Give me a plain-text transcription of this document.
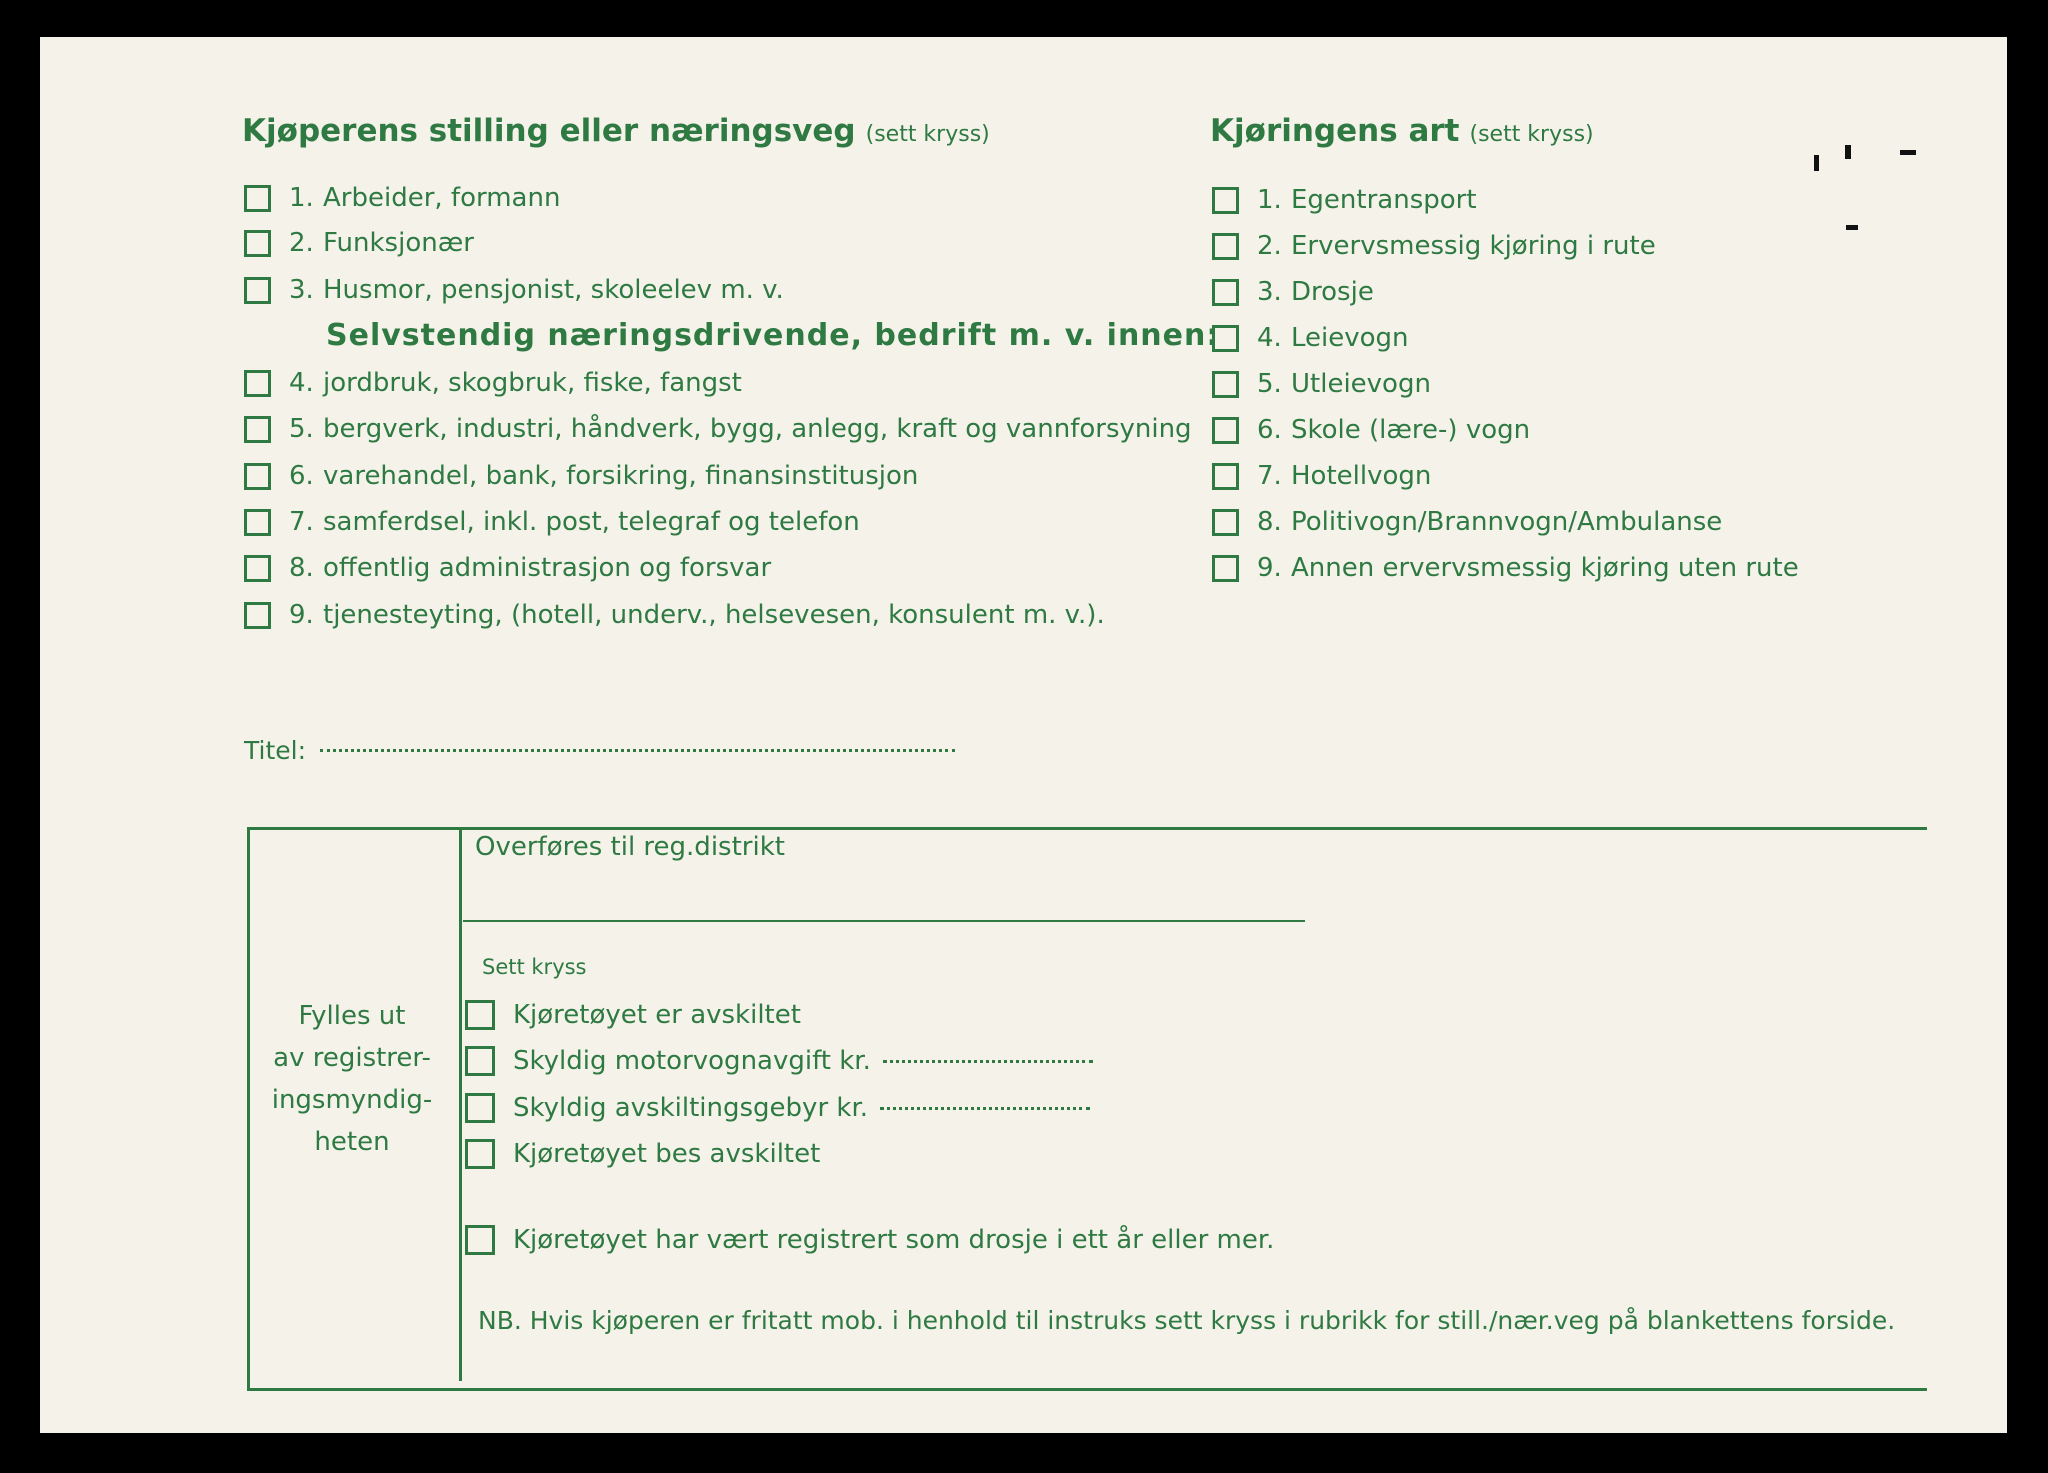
Kjøperens stilling eller næringsveg (sett kryss)	Kjøringens art (sett kryss)
1. Arbeider, formann
2. Funksjonær
3. Husmor, pensjonist, skoleelev m. v.
Selvstendig næringsdrivende, bedrift m. v. innen:
4. jordbruk, skogbruk, fiske, fangst
5. bergverk, industri, håndverk, bygg, anlegg, kraft og vannforsyning
6. varehandel, bank, forsikring, finansinstitusjon
7. samferdsel, inkl. post, telegraf og telefon
8. offentlig administrasjon og forsvar
9. tjenesteyting, (hotell, underv., helsevesen, konsulent m. v.).
1. Egentransport
2. Ervervsmessig kjøring i rute
3. Drosje
4. Leievogn
5. Utleievogn
6. Skole (lære-) vogn
7. Hotellvogn
8. Politivogn/Brannvogn/Ambulanse
9. Annen ervervsmessig kjøring uten rute
Titel:
Fylles ut
av registrer-
ingsmyndig-
heten
Overføres til reg.distrikt
Sett kryss
Kjøretøyet er avskiltet
Skyldig motorvognavgift kr.
Skyldig avskiltingsgebyr kr.
Kjøretøyet bes avskiltet
Kjøretøyet har vært registrert som drosje i ett år eller mer.
NB. Hvis kjøperen er fritatt mob. i henhold til instruks sett kryss i rubrikk for still./nær.veg på blankettens forside.
